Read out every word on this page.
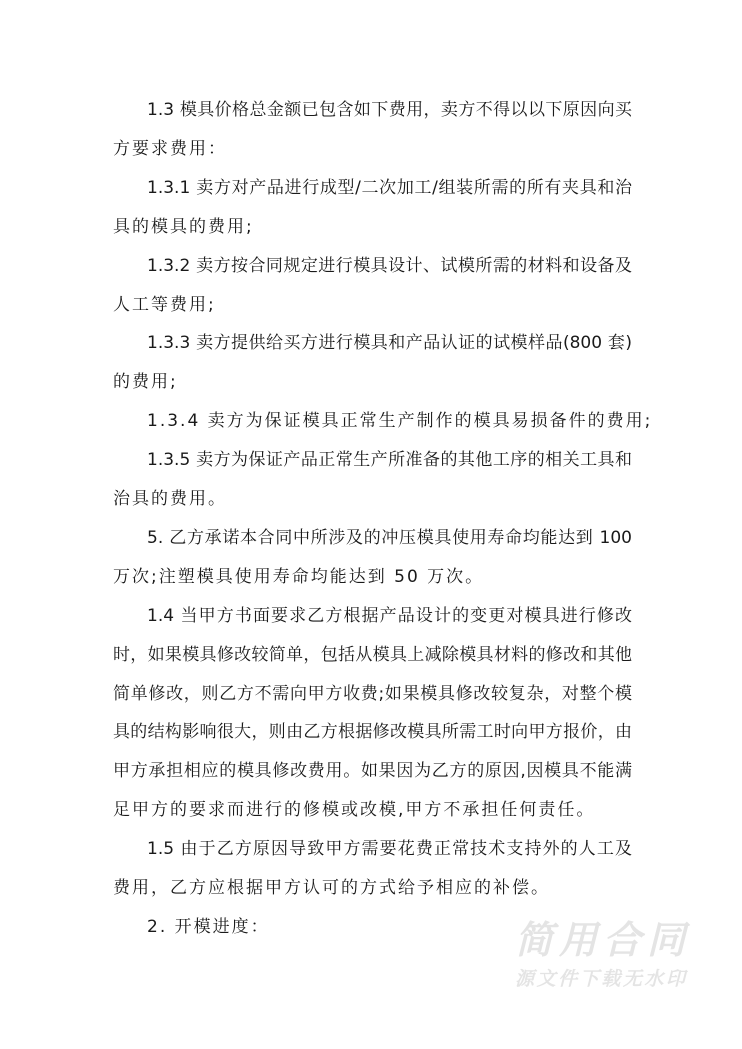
1.3 模具价格总金额已包含如下费用，卖方不得以以下原因向买
方要求费用：
1.3.1 卖方对产品进行成型/二次加工/组装所需的所有夹具和治
具的模具的费用;
1.3.2 卖方按合同规定进行模具设计、试模所需的材料和设备及
人工等费用;
1.3.3 卖方提供给买方进行模具和产品认证的试模样品(800 套)
的费用;
1.3.4 卖方为保证模具正常生产制作的模具易损备件的费用;
1.3.5 卖方为保证产品正常生产所准备的其他工序的相关工具和
治具的费用。
5. 乙方承诺本合同中所涉及的冲压模具使用寿命均能达到 100
万次;注塑模具使用寿命均能达到 50 万次。
1.4 当甲方书面要求乙方根据产品设计的变更对模具进行修改
时，如果模具修改较简单，包括从模具上减除模具材料的修改和其他
简单修改，则乙方不需向甲方收费;如果模具修改较复杂，对整个模
具的结构影响很大，则由乙方根据修改模具所需工时向甲方报价，由
甲方承担相应的模具修改费用。如果因为乙方的原因,因模具不能满
足甲方的要求而进行的修模或改模,甲方不承担任何责任。
1.5 由于乙方原因导致甲方需要花费正常技术支持外的人工及
费用，乙方应根据甲方认可的方式给予相应的补偿。
2. 开模进度：	简用合同
源文件下载无水印
